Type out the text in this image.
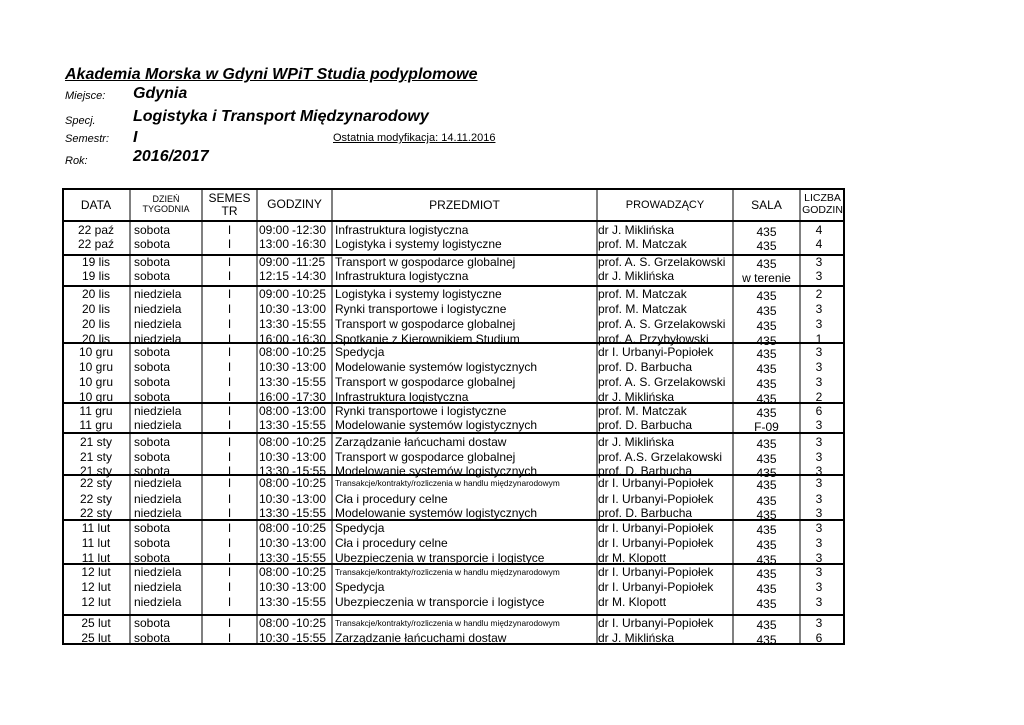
Akademia Morska w Gdyni WPiT Studia podyplomowe
Miejsce: Gdynia
Specj. Logistyka i Transport Międzynarodowy
Semestr: I	Ostatnia modyfikacja: 14.11.2016
Rok:	2016/2017
DATA	DZIEŃ
TYGODNIA
SEMES
TR	GODZINY	PRZEDMIOT	PROWADZĄCY	SALA	LICZBA
GODZIN
22 paź	sobota	I	09:00 - 12:30 Infrastruktura logistyczna	dr J. Miklińska	435	4
22 paź	sobota	I	13:00 - 16:30 Logistyka i systemy logistyczne	prof. M. Matczak	435	4
19 lis	sobota	I	09:00 - 11:25 Transport w gospodarce globalnej	prof. A. S. Grzelakowski	435	3
19 lis	sobota	I	12:15 - 14:30 Infrastruktura logistyczna	dr J. Miklińska	w terenie	3
20 lis	niedziela	I	09:00 - 10:25 Logistyka i systemy logistyczne	prof. M. Matczak	435	2
20 lis	niedziela	I	10:30 - 13:00 Rynki transportowe i logistyczne	prof. M. Matczak	435	3
20 lis	niedziela	I	13:30 - 15:55 Transport w gospodarce globalnej	prof. A. S. Grzelakowski	435	3
20 lis	niedziela	I	16:00 - 16:30 Spotkanie z Kierownikiem Studium	prof. A. Przybyłowski	435	1
10 gru	sobota	I	08:00 - 10:25 Spedycja	dr I. Urbanyi-Popiołek	435	3
10 gru	sobota	I	10:30 - 13:00 Modelowanie systemów logistycznych	prof. D. Barbucha	435	3
10 gru	sobota	I	13:30 - 15:55 Transport w gospodarce globalnej	prof. A. S. Grzelakowski	435	3
10 gru	sobota	I	16:00 - 17:30 Infrastruktura logistyczna	dr J. Miklińska	435	2
11 gru	niedziela	I	08:00 - 13:00 Rynki transportowe i logistyczne	prof. M. Matczak	435	6
11 gru	niedziela	I	13:30 - 15:55 Modelowanie systemów logistycznych	prof. D. Barbucha	F-09	3
21 sty	sobota	I	08:00 - 10:25 Zarządzanie łańcuchami dostaw	dr J. Miklińska	435	3
21 sty	sobota	I	10:30 - 13:00 Transport w gospodarce globalnej	prof. A.S. Grzelakowski	435	3
21 sty	sobota	I	13:30 - 15:55 Modelowanie systemów logistycznych	prof. D. Barbucha	435	3
22 sty	niedziela	I	08:00 - 10:25	Transakcje/kontrakty/rozliczenia w handlu międzynarodowym	dr I. Urbanyi-Popiołek	435	3
22 sty	niedziela	I	10:30 - 13:00 Cła i procedury celne	dr I. Urbanyi-Popiołek	435	3
22 sty	niedziela	I	13:30 - 15:55 Modelowanie systemów logistycznych	prof. D. Barbucha	435	3
11 lut	sobota	I	08:00 - 10:25 Spedycja	dr I. Urbanyi-Popiołek	435	3
11 lut	sobota	I	10:30 - 13:00 Cła i procedury celne	dr I. Urbanyi-Popiołek	435	3
11 lut	sobota	I	13:30 - 15:55 Ubezpieczenia w transporcie i logistyce	dr M. Klopott	435	3
12 lut	niedziela	I	08:00 - 10:25	Transakcje/kontrakty/rozliczenia w handlu międzynarodowym	dr I. Urbanyi-Popiołek	435	3
12 lut	niedziela	I	10:30 - 13:00 Spedycja	dr I. Urbanyi-Popiołek	435	3
12 lut	niedziela	I	13:30 - 15:55 Ubezpieczenia w transporcie i logistyce	dr M. Klopott	435	3
25 lut	sobota	I	08:00 - 10:25	Transakcje/kontrakty/rozliczenia w handlu międzynarodowym	dr I. Urbanyi-Popiołek	435	3
25 lut	sobota	I	10:30 - 15:55 Zarządzanie łańcuchami dostaw	dr J. Miklińska	435	6
